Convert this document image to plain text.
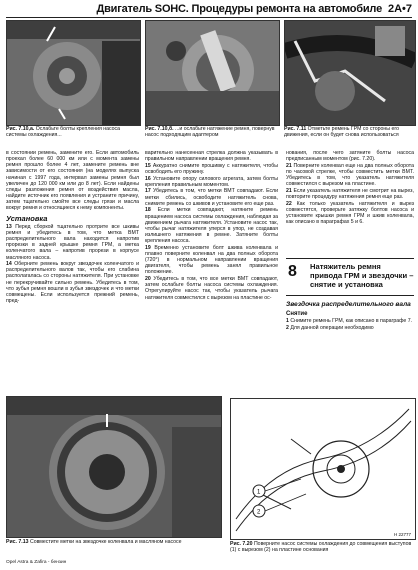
Двигатель SOHC. Процедуры ремонта на автомобиле 2A•7
Рис. 7.10,а. Ослабьте болты крепления насоса системы охлаждения...
Рис. 7.10,б. ...и ослабьте натяжение ремня, повернув насос подходящим адаптером
Рис. 7.11 Отметьте ремень ГРМ со стороны его движения, если он будет снова использоваться

в состоянии ремень, замените его. Если автомобиль проехал более 60 000 км или с момента замены ремня прошло более 4 лет, замените ремень вне зависимости от его состояния (на моделях выпуска начиная с 1997 года, интервал замены ремня был увеличен до 120 000 км или до 8 лет). Если найдены следы разложения ремня от воздействия масла, найдите источник его появления и устраните причину, затем тщательно смойте все следы грязи и масла вокруг ремня и относящиеся к нему компоненты.

Установка

13 Перед сборкой тщательно протрите все шкивы ремня и убедитесь в том, что метка ВМТ распределительного вала находится напротив прорезки в задней крышке ремня ГРМ, а метка коленчатого вала – напротив прорези в корпусе масляного насоса.

14 Оберните ремень вокруг звездочек коленчатого и распределительного валов так, чтобы его слабина располагалась со стороны натяжителя. При установке не перекручивайте сильно ремень. Убедитесь в том, что зубья ремня вошли в зубья звездочек и что метки совмещены. Если используется прежний ремень, пред-

варительно нанесенная стрелка должна указывать в правильном направлении вращения ремня.

15 Аккуратно снимите прошивку с натяжителя, чтобы освободить его пружину.

16 Установите опору силового агрегата, затем болты крепления правильным моментом.

17 Убедитесь в том, что метки ВМТ совпадают. Если метки сбились, освободите натяжитель снова, снимите ремень со шкивов и установите его еще раз.

18 Если метки совпадают, натяните ремень вращением насоса системы охлаждения, наблюдая за движением рычага натяжителя. Установите насос так, чтобы рычаг натяжителя уперся в упор, не создавая излишнего натяжения в ремне. Затяните болты крепления насоса.

19 Временно установите болт шкива коленвала и плавно поверните коленвал на два полных оборота (720°) в нормальном направлении вращения двигателя, чтобы ремень занял правильное положение.

20 Убедитесь в том, что все метки ВМТ совпадают, затем ослабьте болты насоса системы охлаждения. Отрегулируйте насос так, чтобы указатель рычага натяжителя совместился с вырезом на пластине ос-

нования, после чего затяните болты насоса предписанным моментом (рис. 7.20).

21 Поверните коленвал еще на два полных оборота по часовой стрелке, чтобы совместить метки ВМТ. Убедитесь в том, что указатель натяжителя совместился с вырезом на пластине.

21 Если указатель натяжителя не смотрит на вырез, повторите процедуру натяжения ремня еще раз.

22 Как только указатель натяжителя и вырез совместятся, проверьте затяжку болтов насоса и установите крышки ремня ГРМ и шкив коленвала, как описано в параграфах 5 и 6.

8 Натяжитель ремня привода ГРМ и звездочки – снятие и установка
Звездочка распределительного вала
Снятие

1 Снимите ремень ГРМ, как описано в параграфе 7.

2 Для данной операции необходимо

Рис. 7.13 Совместите метки на звездочке коленвала и масляном насосе
1
2
H 22777
Рис. 7.20 Поверните насос системы охлаждения до совмещения выступов (1) с вырезом (2) на пластине основания
Opel Astra & Zafira - бензин
